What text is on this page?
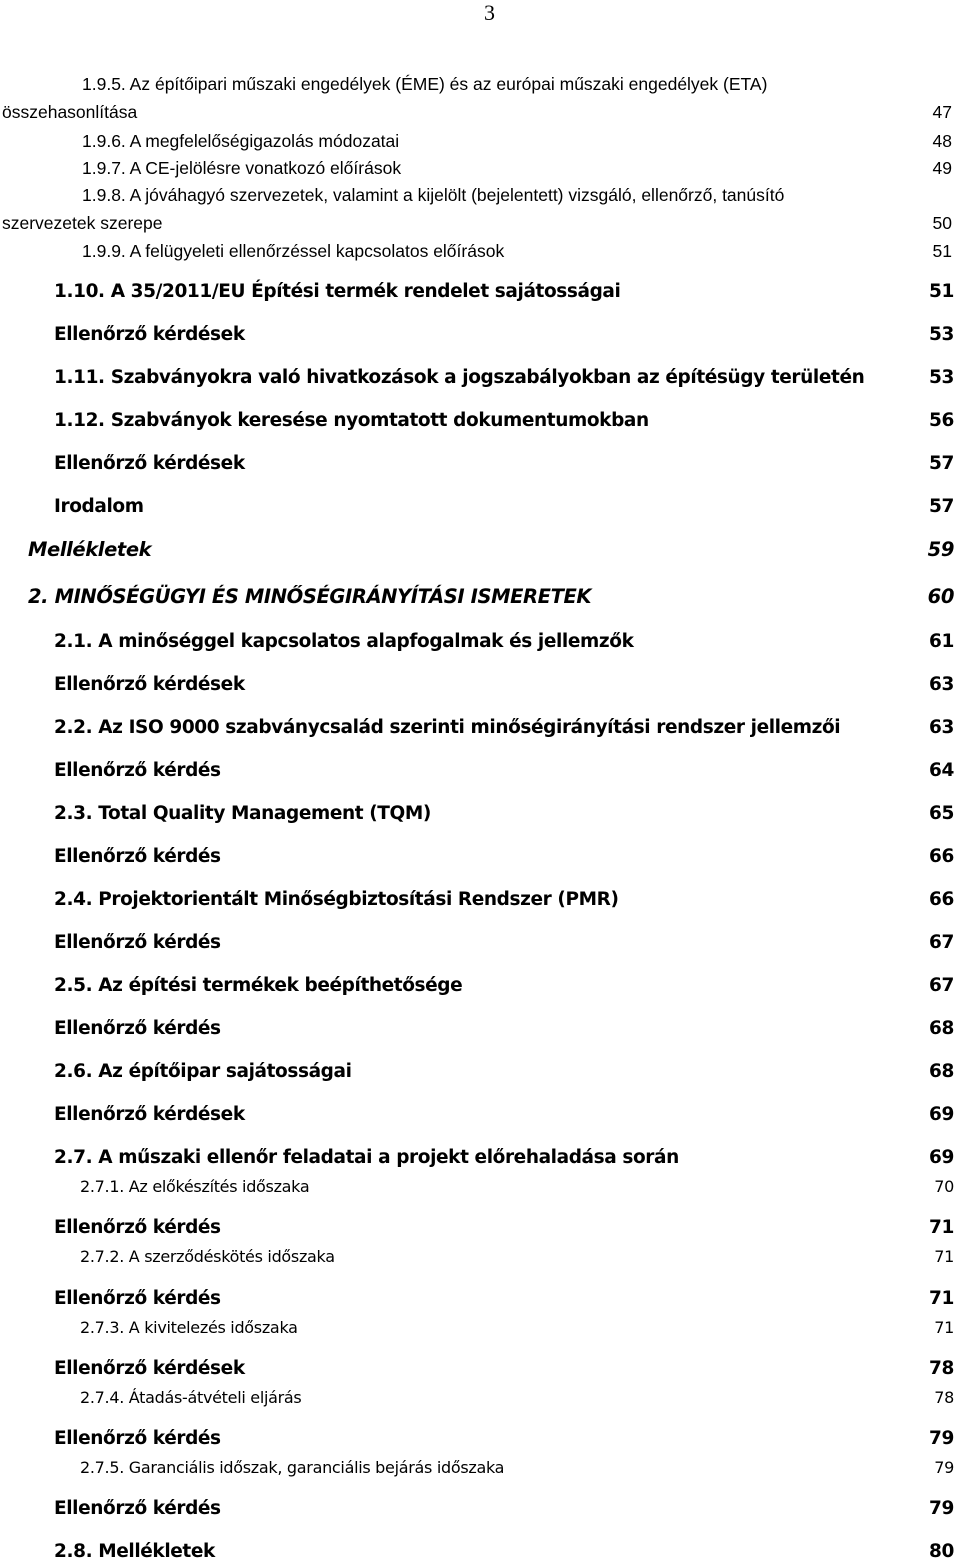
3
1.9.5. Az építőipari műszaki engedélyek (ÉME) és az európai műszaki engedélyek (ETA)
összehasonlítása	47
1.9.6. A megfelelőségigazolás módozatai	48
1.9.7. A CE-jelölésre vonatkozó előírások	49
1.9.8. A jóváhagyó szervezetek, valamint a kijelölt (bejelentett) vizsgáló, ellenőrző, tanúsító
szervezetek szerepe	50
1.9.9. A felügyeleti ellenőrzéssel kapcsolatos előírások	51
1.10. A 35/2011/EU Építési termék rendelet sajátosságai	51
Ellenőrző kérdések	53
1.11. Szabványokra való hivatkozások a jogszabályokban az építésügy területén	53
1.12. Szabványok keresése nyomtatott dokumentumokban	56
Ellenőrző kérdések	57
Irodalom	57
Mellékletek	59
2. MINŐSÉGÜGYI ÉS MINŐSÉGIRÁNYÍTÁSI ISMERETEK	60
2.1. A minőséggel kapcsolatos alapfogalmak és jellemzők	61
Ellenőrző kérdések	63
2.2. Az ISO 9000 szabványcsalád szerinti minőségirányítási rendszer jellemzői	63
Ellenőrző kérdés	64
2.3. Total Quality Management (TQM)	65
Ellenőrző kérdés	66
2.4. Projektorientált Minőségbiztosítási Rendszer (PMR)	66
Ellenőrző kérdés	67
2.5. Az építési termékek beépíthetősége	67
Ellenőrző kérdés	68
2.6. Az építőipar sajátosságai	68
Ellenőrző kérdések	69
2.7. A műszaki ellenőr feladatai a projekt előrehaladása során	69
2.7.1. Az előkészítés időszaka	70
Ellenőrző kérdés	71
2.7.2. A szerződéskötés időszaka	71
Ellenőrző kérdés	71
2.7.3. A kivitelezés időszaka	71
Ellenőrző kérdések	78
2.7.4. Átadás-átvételi eljárás	78
Ellenőrző kérdés	79
2.7.5. Garanciális időszak, garanciális bejárás időszaka	79
Ellenőrző kérdés	79
2.8. Mellékletek	80
